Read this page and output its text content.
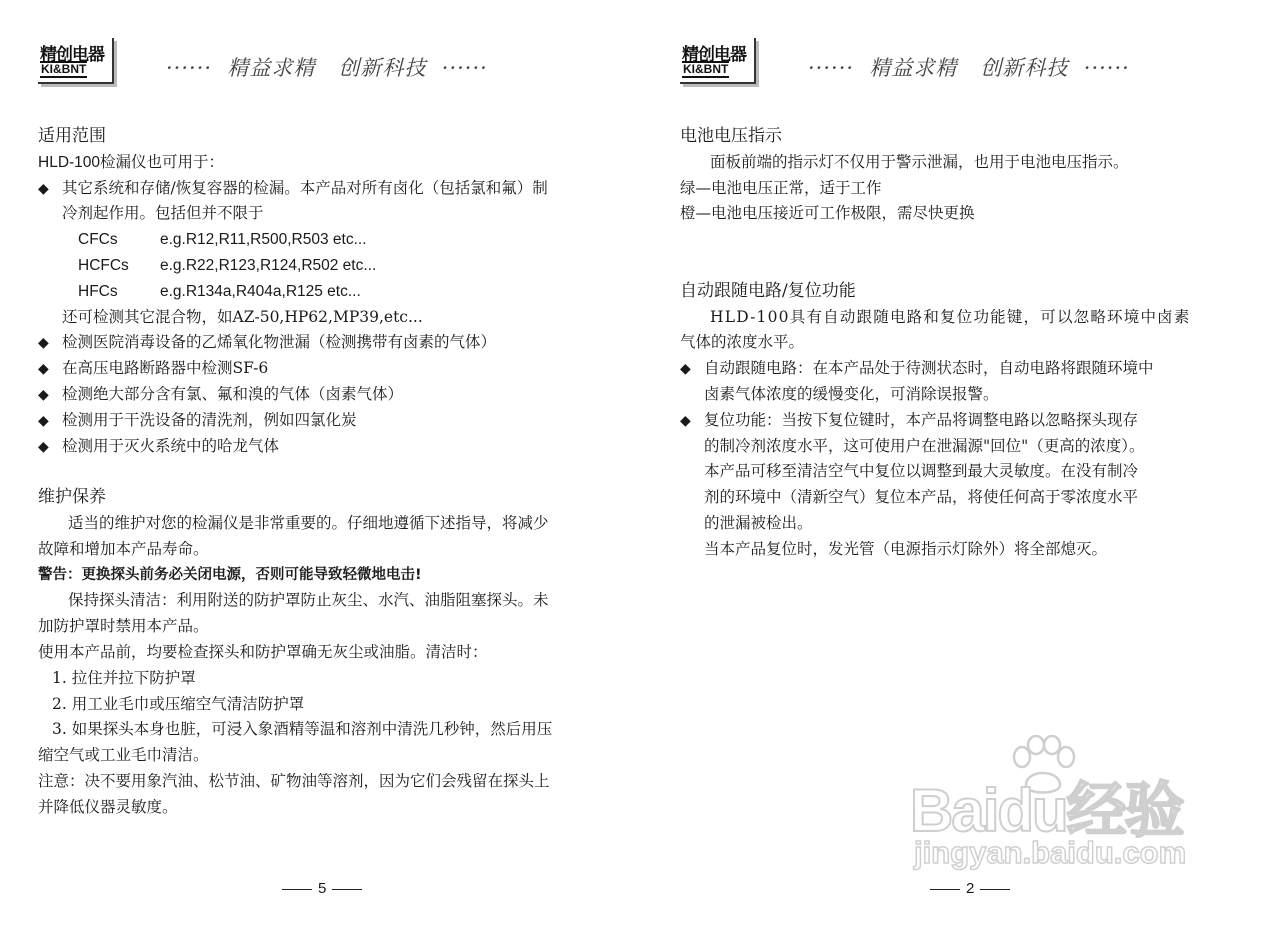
精创电器
KI&BNT	······  精益求精   创新科技  ······
适用范围
HLD-100检漏仪也可用于：
◆ 其它系统和存储/恢复容器的检漏。本产品对所有卤化（包括氯和氟）制
冷剂起作用。包括但并不限于
CFCs	e.g.R12,R11,R500,R503 etc...
HCFCs e.g.R22,R123,R124,R502 etc...
HFCs	e.g.R134a,R404a,R125 etc...
还可检测其它混合物，如AZ-50,HP62,MP39,etc...
◆ 检测医院消毒设备的乙烯氧化物泄漏（检测携带有卤素的气体）
◆ 在高压电路断路器中检测SF-6
◆ 检测绝大部分含有氯、氟和溴的气体（卤素气体）
◆ 检测用于干洗设备的清洗剂，例如四氯化炭
◆ 检测用于灭火系统中的哈龙气体
维护保养
适当的维护对您的检漏仪是非常重要的。仔细地遵循下述指导，将减少
故障和增加本产品寿命。
警告：更换探头前务必关闭电源，否则可能导致轻微地电击!
保持探头清洁：利用附送的防护罩防止灰尘、水汽、油脂阻塞探头。未
加防护罩时禁用本产品。
使用本产品前，均要检查探头和防护罩确无灰尘或油脂。清洁时：
1. 拉住并拉下防护罩
2. 用工业毛巾或压缩空气清洁防护罩
3. 如果探头本身也脏，可浸入象酒精等温和溶剂中清洗几秒钟，然后用压
缩空气或工业毛巾清洁。
注意：决不要用象汽油、松节油、矿物油等溶剂，因为它们会残留在探头上
并降低仪器灵敏度。
5
精创电器
KI&BNT	······  精益求精   创新科技  ······
电池电压指示
面板前端的指示灯不仅用于警示泄漏，也用于电池电压指示。
绿—电池电压正常，适于工作
橙—电池电压接近可工作极限，需尽快更换
自动跟随电路/复位功能
HLD-100具有自动跟随电路和复位功能键，可以忽略环境中卤素
气体的浓度水平。
◆ 自动跟随电路：在本产品处于待测状态时，自动电路将跟随环境中
卤素气体浓度的缓慢变化，可消除误报警。
◆ 复位功能：当按下复位键时，本产品将调整电路以忽略探头现存
的制冷剂浓度水平，这可使用户在泄漏源"回位"（更高的浓度）。
本产品可移至清洁空气中复位以调整到最大灵敏度。在没有制冷
剂的环境中（清新空气）复位本产品，将使任何高于零浓度水平
的泄漏被检出。
当本产品复位时，发光管（电源指示灯除外）将全部熄灭。
2
Baidu经验
jingyan.baidu.com
